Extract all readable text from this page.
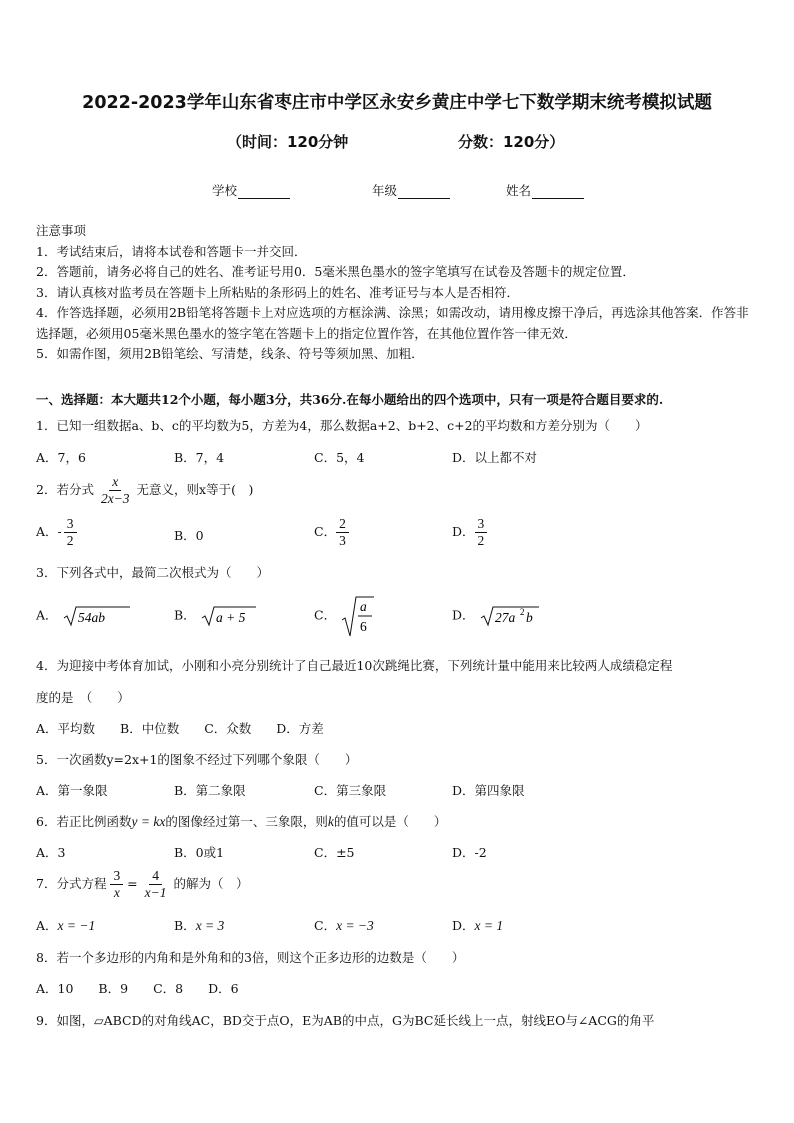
2022-2023学年山东省枣庄市中学区永安乡黄庄中学七下数学期末统考模拟试题
（时间：120分钟	分数：120分）
学校	年级	姓名
注意事项
1．考试结束后，请将本试卷和答题卡一并交回．
2．答题前，请务必将自己的姓名、准考证号用0．5毫米黑色墨水的签字笔填写在试卷及答题卡的规定位置．
3．请认真核对监考员在答题卡上所粘贴的条形码上的姓名、准考证号与本人是否相符．
4．作答选择题，必须用2B铅笔将答题卡上对应选项的方框涂满、涂黑；如需改动，请用橡皮擦干净后，再选涂其他答案．作答非选择题，必须用05毫米黑色墨水的签字笔在答题卡上的指定位置作答，在其他位置作答一律无效．
5．如需作图，须用2B铅笔绘、写清楚，线条、符号等须加黑、加粗．
一、选择题：本大题共12个小题，每小题3分，共36分.在每小题给出的四个选项中，只有一项是符合题目要求的.
1．已知一组数据a、b、c的平均数为5，方差为4，那么数据a+2、b+2、c+2的平均数和方差分别为（　　）
A．7，6	B．7，4	C．5，4	D．以上都不对
2．若分式 $\frac{x}{2x-3}$ 无意义，则x等于(　)
A．- $\frac{3}{2}$	B．0	C． $\frac{2}{3}$	D． $\frac{3}{2}$
3．下列各式中，最简二次根式为（　　）
A． 54ab	B． a + 5	C．
a
6
D． 27a 2 b
4．为迎接中考体育加试，小刚和小亮分别统计了自己最近10次跳绳比赛，下列统计量中能用来比较两人成绩稳定程
度的是　（　　）
A．平均数　　B．中位数　　C．众数　　D．方差
5．一次函数y=2x+1的图象不经过下列哪个象限（　　）
A．第一象限	B．第二象限	C．第三象限	D．第四象限
6．若正比例函数y = kx的图像经过第一、三象限，则k的值可以是（　　）
A．3	B．0或1	C．±5	D．-2
7．分式方程 $\frac{3}{x} = \frac{4}{x-1}$ 的解为（　）
A．x = −1	B．x = 3	C．x = −3	D．x = 1
8．若一个多边形的内角和是外角和的3倍，则这个正多边形的边数是（　　）
A．10　　B．9　　C．8　　D．6
9．如图，▱ABCD的对角线AC，BD交于点O，E为AB的中点，G为BC延长线上一点，射线EO与∠ACG的角平
